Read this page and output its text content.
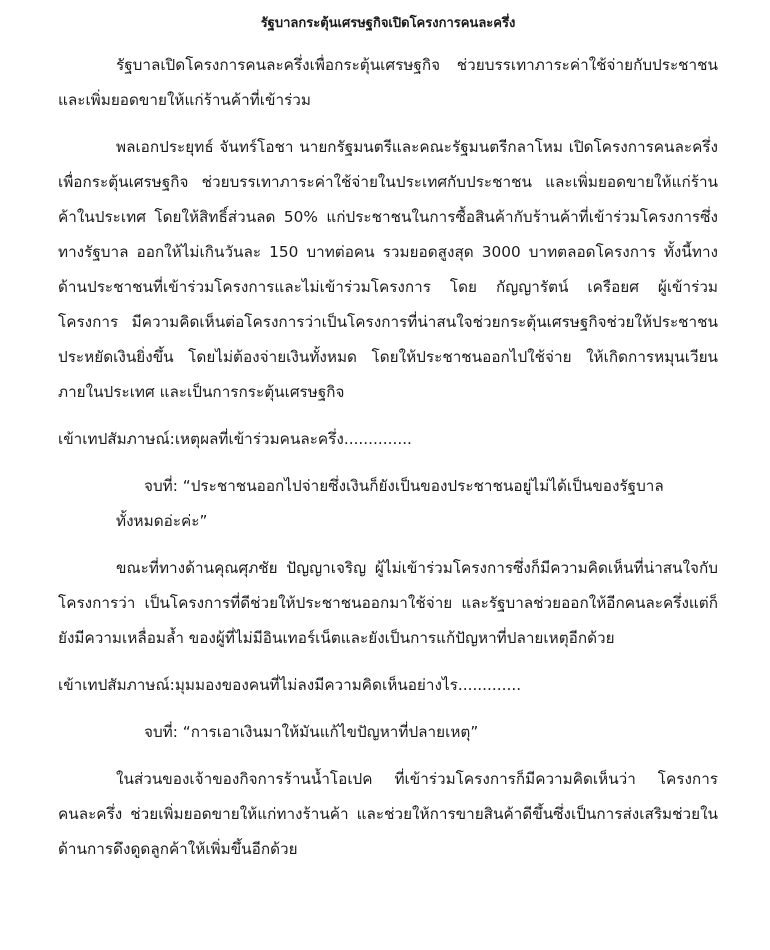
รัฐบาลกระตุ้นเศรษฐกิจเปิดโครงการคนละครึ่ง

รัฐบาลเปิดโครงการคนละครึ่งเพื่อกระตุ้นเศรษฐกิจ ช่วยบรรเทาภาระค่าใช้จ่ายกับประชาชนและเพิ่มยอดขายให้แก่ร้านค้าที่เข้าร่วม

พลเอกประยุทธ์ จันทร์โอชา นายกรัฐมนตรีและคณะรัฐมนตรีกลาโหม เปิดโครงการคนละครึ่งเพื่อกระตุ้นเศรษฐกิจ ช่วยบรรเทาภาระค่าใช้จ่ายในประเทศกับประชาชน และเพิ่มยอดขายให้แก่ร้านค้าในประเทศ โดยให้สิทธิ์ส่วนลด 50% แก่ประชาชนในการซื้อสินค้ากับร้านค้าที่เข้าร่วมโครงการซึ่งทางรัฐบาล ออกให้ไม่เกินวันละ 150 บาทต่อคน รวมยอดสูงสุด 3000 บาทตลอดโครงการ ทั้งนี้ทางด้านประชาชนที่เข้าร่วมโครงการและไม่เข้าร่วมโครงการ โดย กัญญารัตน์ เครือยศ ผู้เข้าร่วมโครงการ มีความคิดเห็นต่อโครงการว่าเป็นโครงการที่น่าสนใจช่วยกระตุ้นเศรษฐกิจช่วยให้ประชาชนประหยัดเงินยิ่งขึ้น โดยไม่ต้องจ่ายเงินทั้งหมด โดยให้ประชาชนออกไปใช้จ่าย ให้เกิดการหมุนเวียนภายในประเทศ และเป็นการกระตุ้นเศรษฐกิจ

เข้าเทปสัมภาษณ์:เหตุผลที่เข้าร่วมคนละครึ่ง..............

จบที่: “ประชาชนออกไปจ่ายซึ่งเงินก็ยังเป็นของประชาชนอยู่ไม่ได้เป็นของรัฐบาล
ทั้งหมดอ่ะค่ะ”

ขณะที่ทางด้านคุณศุภชัย ปัญญาเจริญ ผู้ไม่เข้าร่วมโครงการซึ่งก็มีความคิดเห็นที่น่าสนใจกับโครงการว่า เป็นโครงการที่ดีช่วยให้ประชาชนออกมาใช้จ่าย และรัฐบาลช่วยออกให้อีกคนละครึ่งแต่ก็ยังมีความเหลื่อมล้ำ ของผู้ที่ไม่มีอินเทอร์เน็ตและยังเป็นการแก้ปัญหาที่ปลายเหตุอีกด้วย

เข้าเทปสัมภาษณ์:มุมมองของคนที่ไม่ลงมีความคิดเห็นอย่างไร.............

จบที่: “การเอาเงินมาให้มันแก้ไขปัญหาที่ปลายเหตุ”

ในส่วนของเจ้าของกิจการร้านน้ำโอเปค ที่เข้าร่วมโครงการก็มีความคิดเห็นว่า โครงการคนละครึ่ง ช่วยเพิ่มยอดขายให้แก่ทางร้านค้า และช่วยให้การขายสินค้าดีขึ้นซึ่งเป็นการส่งเสริมช่วยในด้านการดึงดูดลูกค้าให้เพิ่มขึ้นอีกด้วย
